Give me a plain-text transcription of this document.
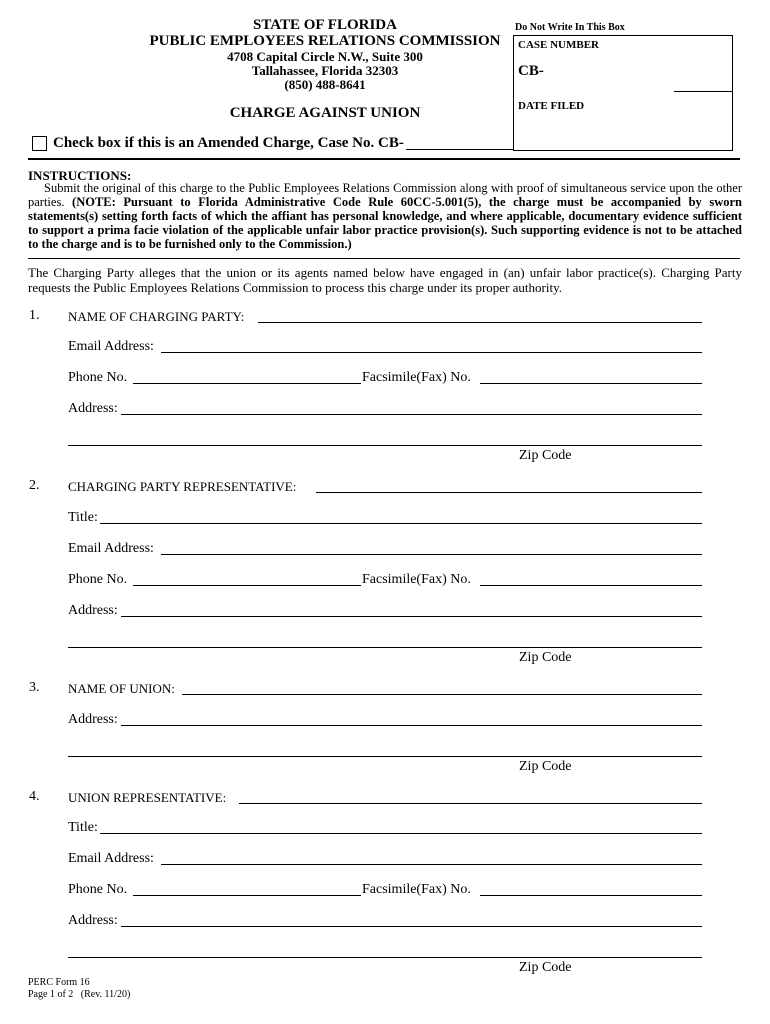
STATE OF FLORIDA
PUBLIC EMPLOYEES RELATIONS COMMISSION
4708 Capital Circle N.W., Suite 300
Tallahassee, Florida 32303
(850) 488-8641
CHARGE AGAINST UNION
Do Not Write In This Box
CASE NUMBER
CB-
DATE FILED
Check box if this is an Amended Charge, Case No. CB-
INSTRUCTIONS:
Submit the original of this charge to the Public Employees Relations Commission along with proof of simultaneous service upon the other parties. (NOTE: Pursuant to Florida Administrative Code Rule 60CC-5.001(5), the charge must be accompanied by sworn statements(s) setting forth facts of which the affiant has personal knowledge, and where applicable, documentary evidence sufficient to support a prima facie violation of the applicable unfair labor practice provision(s). Such supporting evidence is not to be attached to the charge and is to be furnished only to the Commission.)
The Charging Party alleges that the union or its agents named below have engaged in (an) unfair labor practice(s). Charging Party requests the Public Employees Relations Commission to process this charge under its proper authority.
1. NAME OF CHARGING PARTY:
Email Address:
Phone No.	Facsimile(Fax) No.
Address:
Zip Code
2. CHARGING PARTY REPRESENTATIVE:
Title:
Email Address:
Phone No.	Facsimile(Fax) No.
Address:
Zip Code
3. NAME OF UNION:
Address:
Zip Code
4. UNION REPRESENTATIVE:
Title:
Email Address:
Phone No.	Facsimile(Fax) No.
Address:
Zip Code
PERC Form 16
Page 1 of 2   (Rev. 11/20)
